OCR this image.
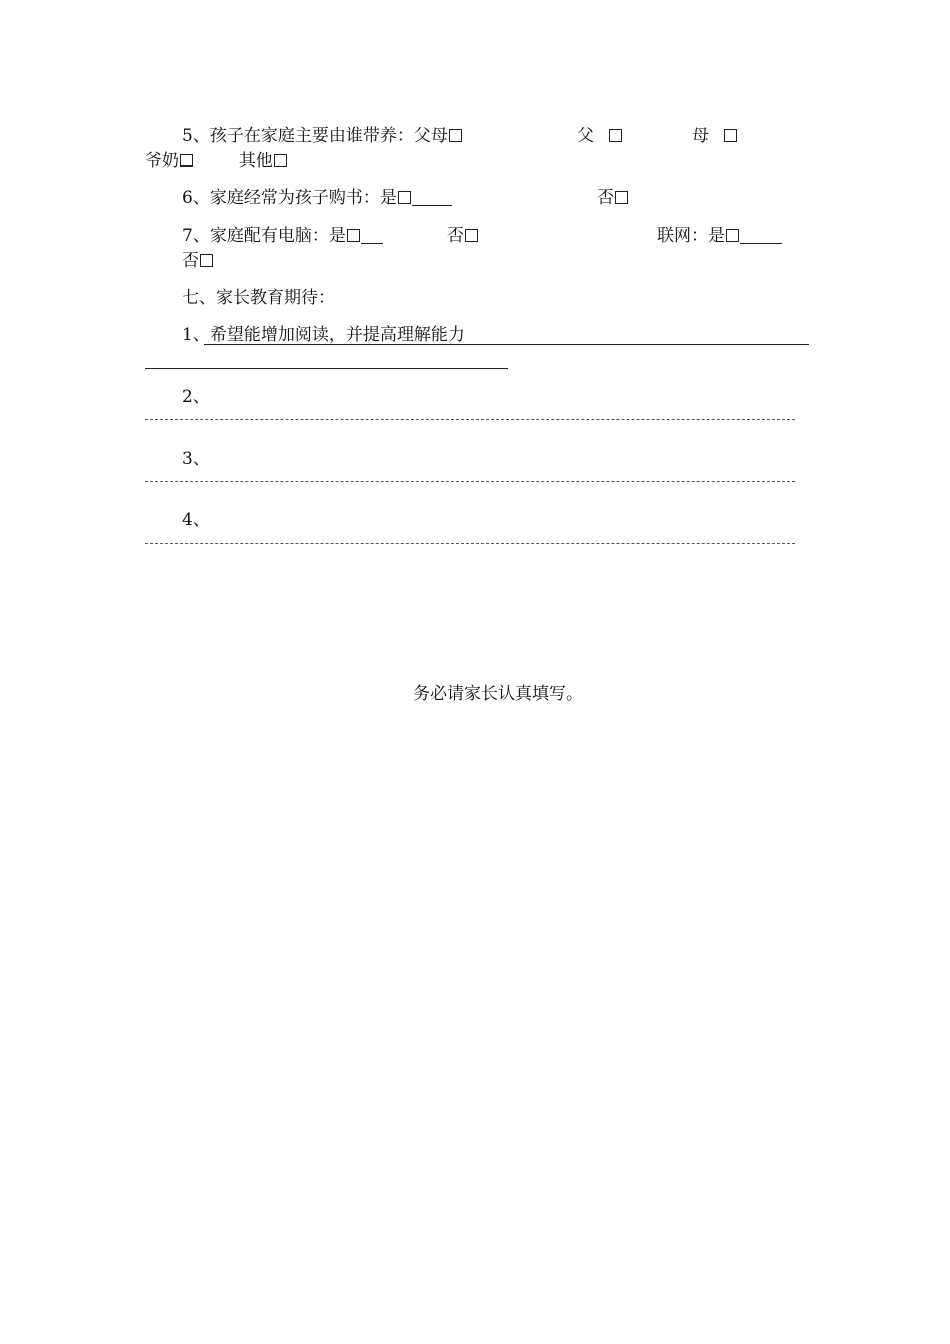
5、孩子在家庭主要由谁带养：父母	父	母
爷奶	其他
6、家庭经常为孩子购书：是	否
7、家庭配有电脑：是	否	联网：是
否
七、家长教育期待：
1、希望能增加阅读，并提高理解能力
2、
3、
4、
务必请家长认真填写。
